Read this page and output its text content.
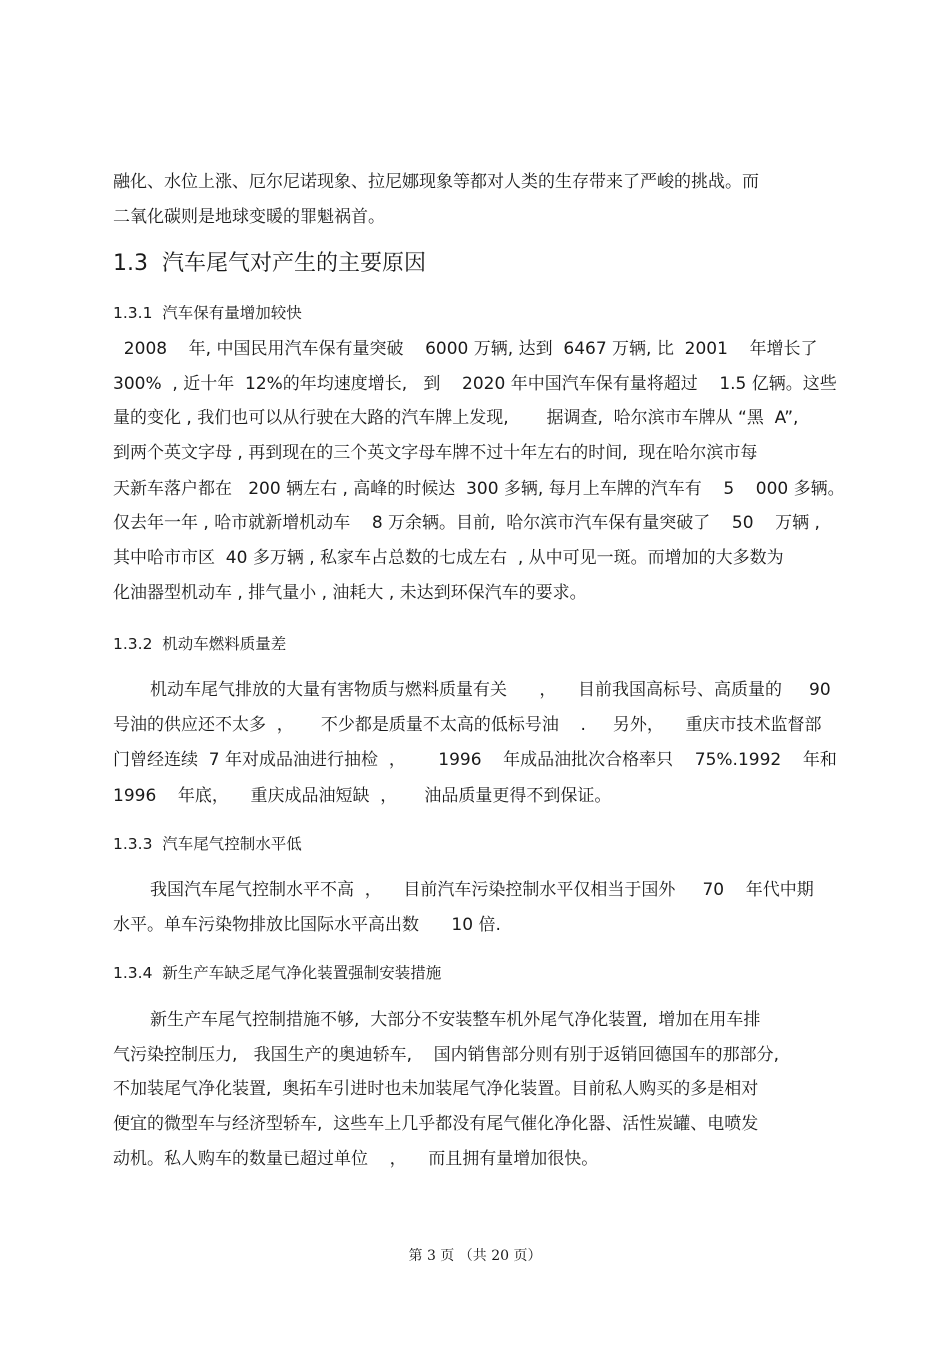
融化、水位上涨、厄尔尼诺现象、拉尼娜现象等都对人类的生存带来了严峻的挑战。而
二氧化碳则是地球变暖的罪魁祸首。
1.3  汽车尾气对产生的主要原因
1.3.1  汽车保有量增加较快
2008    年, 中国民用汽车保有量突破    6000 万辆, 达到  6467 万辆, 比  2001    年增长了
300%  , 近十年  12%的年均速度增长,   到    2020 年中国汽车保有量将超过    1.5 亿辆。这些
量的变化 , 我们也可以从行驶在大路的汽车牌上发现,       据调查,  哈尔滨市车牌从 “黑  A”,
到两个英文字母 , 再到现在的三个英文字母车牌不过十年左右的时间,  现在哈尔滨市每
天新车落户都在   200 辆左右 , 高峰的时候达  300 多辆, 每月上车牌的汽车有    5    000 多辆。
仅去年一年 , 哈市就新增机动车    8 万余辆。目前,  哈尔滨市汽车保有量突破了    50    万辆 ,
其中哈市市区  40 多万辆 , 私家车占总数的七成左右  , 从中可见一斑。而增加的大多数为
化油器型机动车 , 排气量小 , 油耗大 , 未达到环保汽车的要求。
1.3.2  机动车燃料质量差
机动车尾气排放的大量有害物质与燃料质量有关      ，    目前我国高标号、高质量的     90
号油的供应还不太多  ，     不少都是质量不太高的低标号油    .     另外，    重庆市技术监督部
门曾经连续  7 年对成品油进行抽检  ，      1996    年成品油批次合格率只    75%.1992    年和
1996    年底，    重庆成品油短缺  ，     油品质量更得不到保证。
1.3.3  汽车尾气控制水平低
我国汽车尾气控制水平不高  ，    目前汽车污染控制水平仅相当于国外     70    年代中期
水平。单车污染物排放比国际水平高出数      10 倍.
1.3.4  新生产车缺乏尾气净化装置强制安装措施
新生产车尾气控制措施不够,  大部分不安装整车机外尾气净化装置,  增加在用车排
气污染控制压力,   我国生产的奥迪轿车,    国内销售部分则有别于返销回德国车的那部分,
不加装尾气净化装置,  奥拓车引进时也未加装尾气净化装置。目前私人购买的多是相对
便宜的微型车与经济型轿车,  这些车上几乎都没有尾气催化净化器、活性炭罐、电喷发
动机。私人购车的数量已超过单位    ，    而且拥有量增加很快。
第 3 页 （共 20 页）
